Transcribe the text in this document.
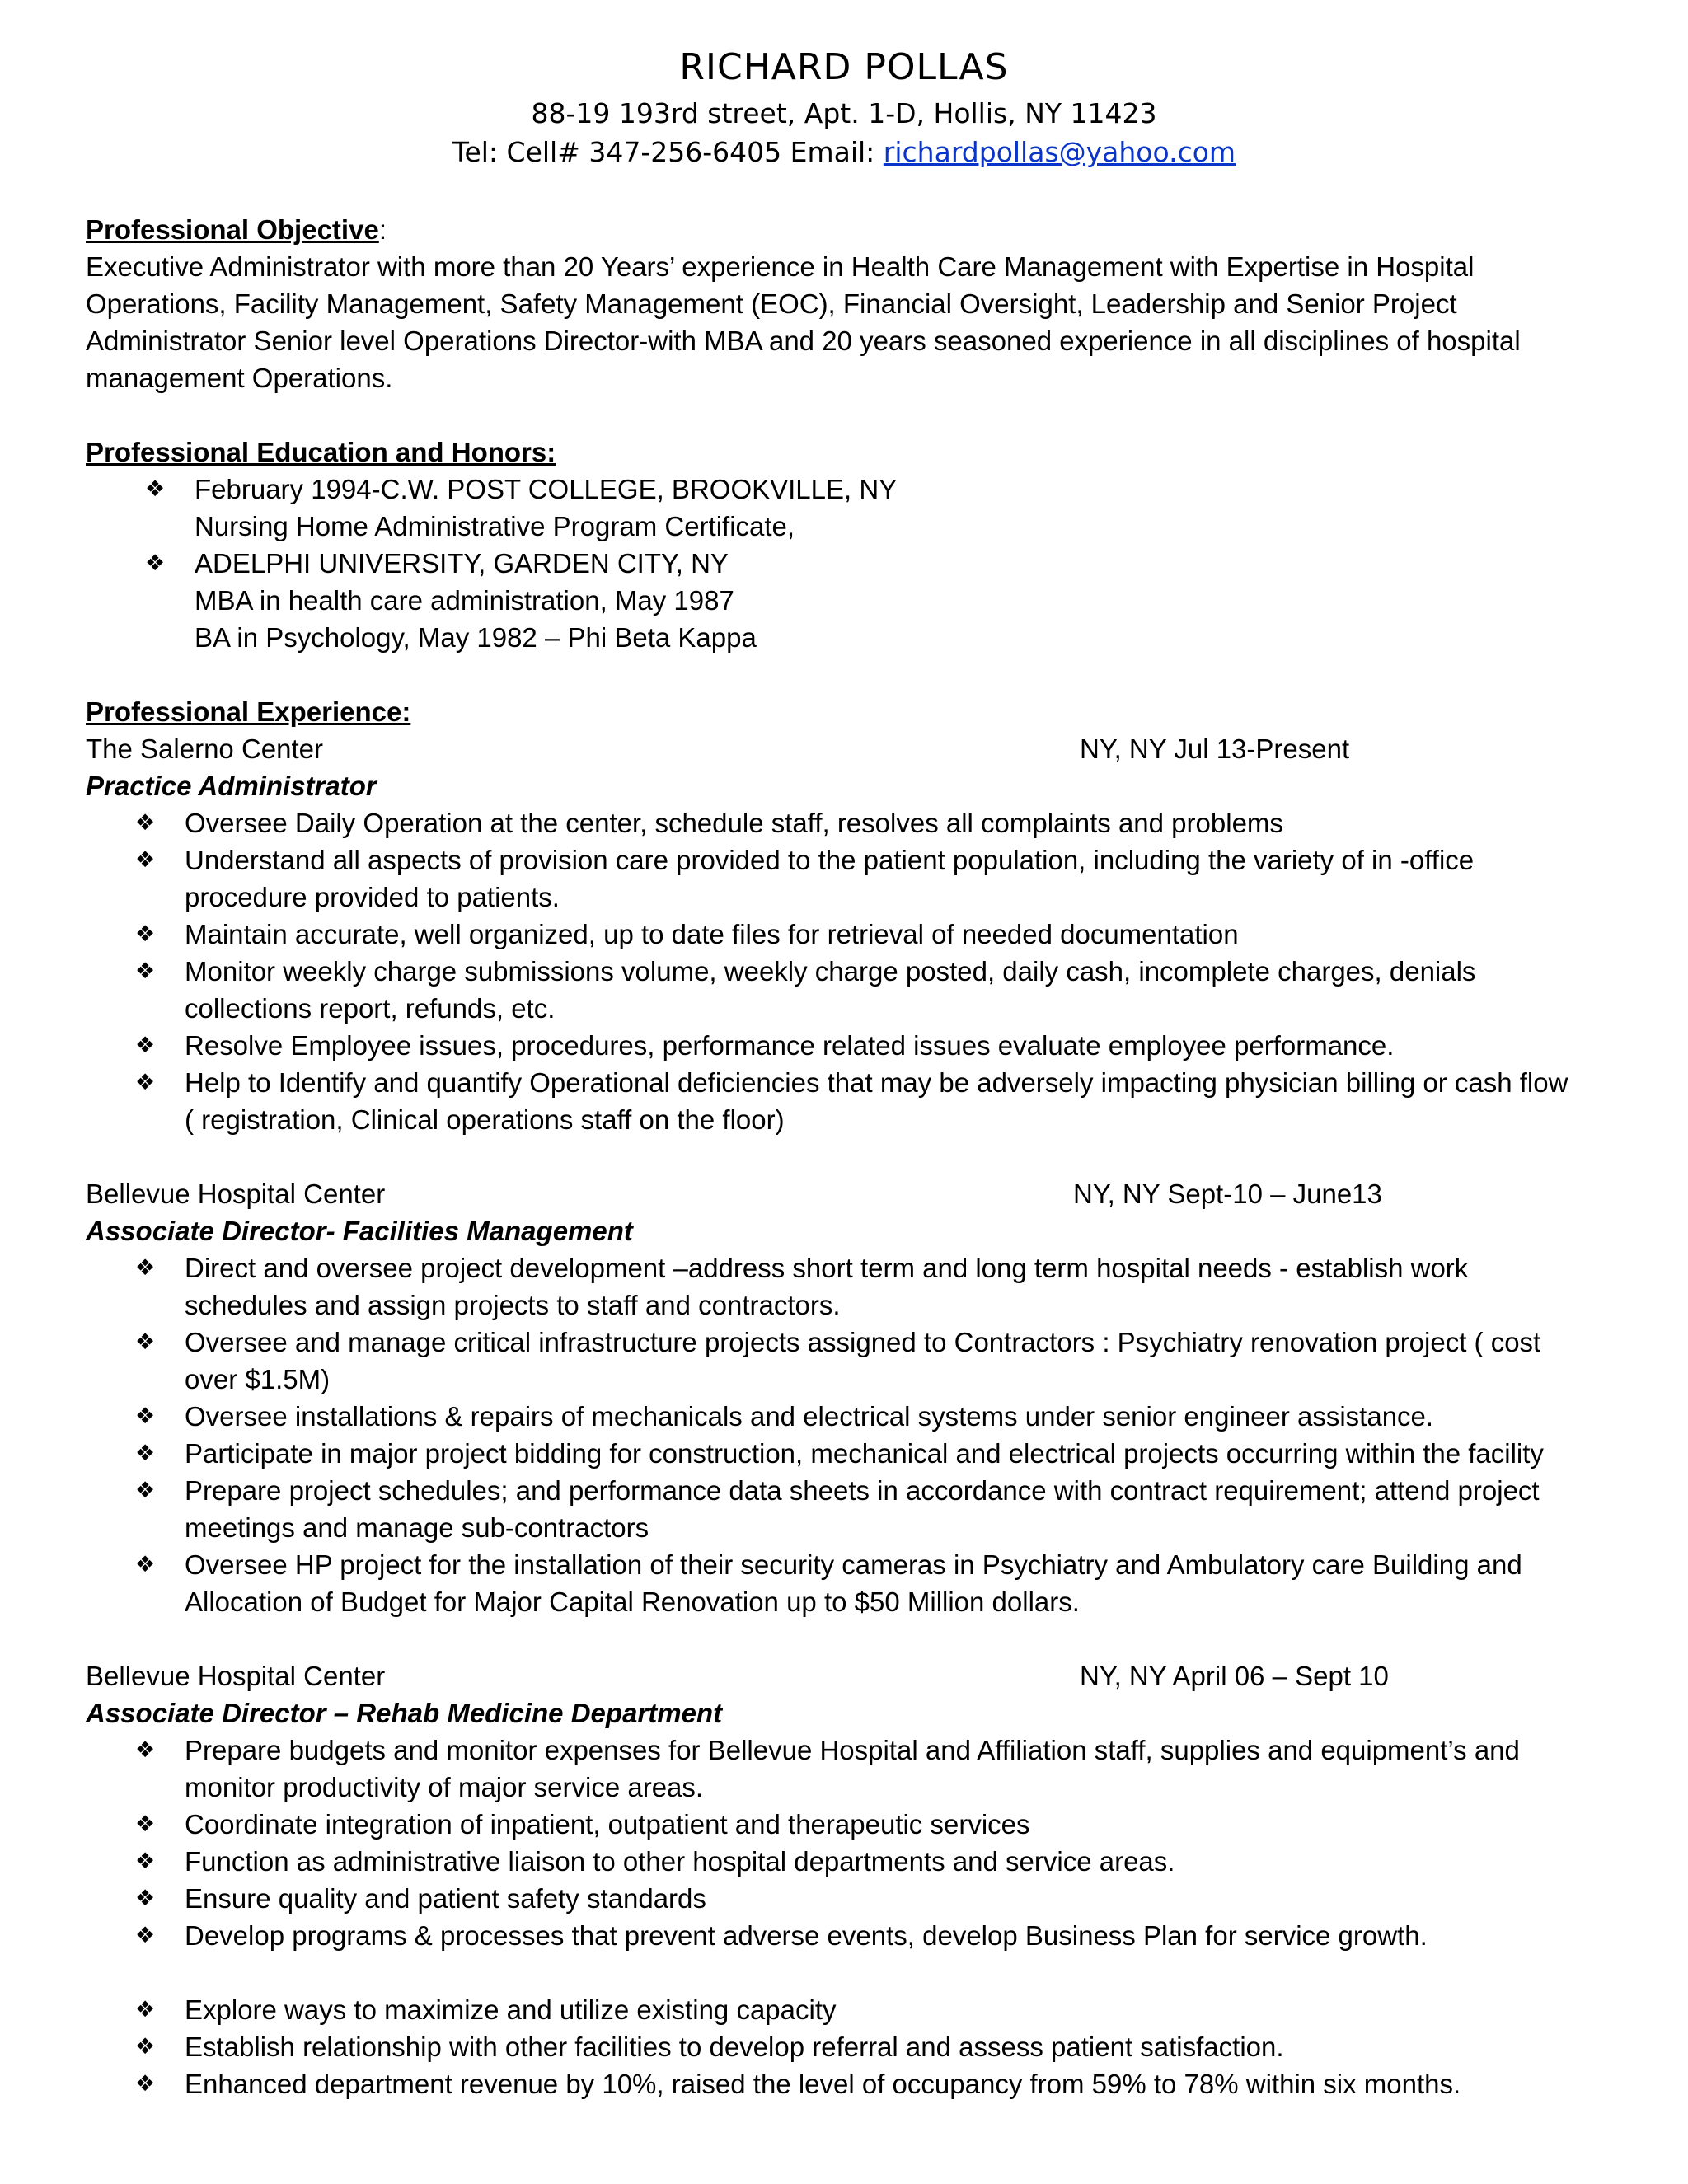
RICHARD POLLAS
88-19 193rd street, Apt. 1-D, Hollis, NY 11423
Tel: Cell# 347-256-6405 Email: richardpollas@yahoo.com
Professional Objective:
Executive Administrator with more than 20 Years’ experience in Health Care Management with Expertise in Hospital
Operations, Facility Management, Safety Management (EOC), Financial Oversight, Leadership and Senior Project
Administrator Senior level Operations Director-with MBA and 20 years seasoned experience in all disciplines of hospital
management Operations.
Professional Education and Honors:
❖	February 1994-C.W. POST COLLEGE, BROOKVILLE, NY
Nursing Home Administrative Program Certificate,
❖	ADELPHI UNIVERSITY, GARDEN CITY, NY
MBA in health care administration, May 1987
BA in Psychology, May 1982 – Phi Beta Kappa
Professional Experience:
The Salerno Center	NY, NY Jul 13-Present
Practice Administrator
❖	Oversee Daily Operation at the center, schedule staff, resolves all complaints and problems
❖	Understand all aspects of provision care provided to the patient population, including the variety of in -office
procedure provided to patients.
❖	Maintain accurate, well organized, up to date files for retrieval of needed documentation
❖	Monitor weekly charge submissions volume, weekly charge posted, daily cash, incomplete charges, denials
collections report, refunds, etc.
❖	Resolve Employee issues, procedures, performance related issues evaluate employee performance.
❖	Help to Identify and quantify Operational deficiencies that may be adversely impacting physician billing or cash flow
( registration, Clinical operations staff on the floor)
Bellevue Hospital Center	NY, NY Sept-10 – June13
Associate Director- Facilities Management
❖	Direct and oversee project development –address short term and long term hospital needs - establish work
schedules and assign projects to staff and contractors.
❖	Oversee and manage critical infrastructure projects assigned to Contractors : Psychiatry renovation project ( cost
over $1.5M)
❖	Oversee installations & repairs of mechanicals and electrical systems under senior engineer assistance.
❖	Participate in major project bidding for construction, mechanical and electrical projects occurring within the facility
❖	Prepare project schedules; and performance data sheets in accordance with contract requirement; attend project
meetings and manage sub-contractors
❖	Oversee HP project for the installation of their security cameras in Psychiatry and Ambulatory care Building and
Allocation of Budget for Major Capital Renovation up to $50 Million dollars.
Bellevue Hospital Center	NY, NY April 06 – Sept 10
Associate Director – Rehab Medicine Department
❖	Prepare budgets and monitor expenses for Bellevue Hospital and Affiliation staff, supplies and equipment’s and
monitor productivity of major service areas.
❖	Coordinate integration of inpatient, outpatient and therapeutic services
❖	Function as administrative liaison to other hospital departments and service areas.
❖	Ensure quality and patient safety standards
❖	Develop programs & processes that prevent adverse events, develop Business Plan for service growth.
❖	Explore ways to maximize and utilize existing capacity
❖	Establish relationship with other facilities to develop referral and assess patient satisfaction.
❖	Enhanced department revenue by 10%, raised the level of occupancy from 59% to 78% within six months.
